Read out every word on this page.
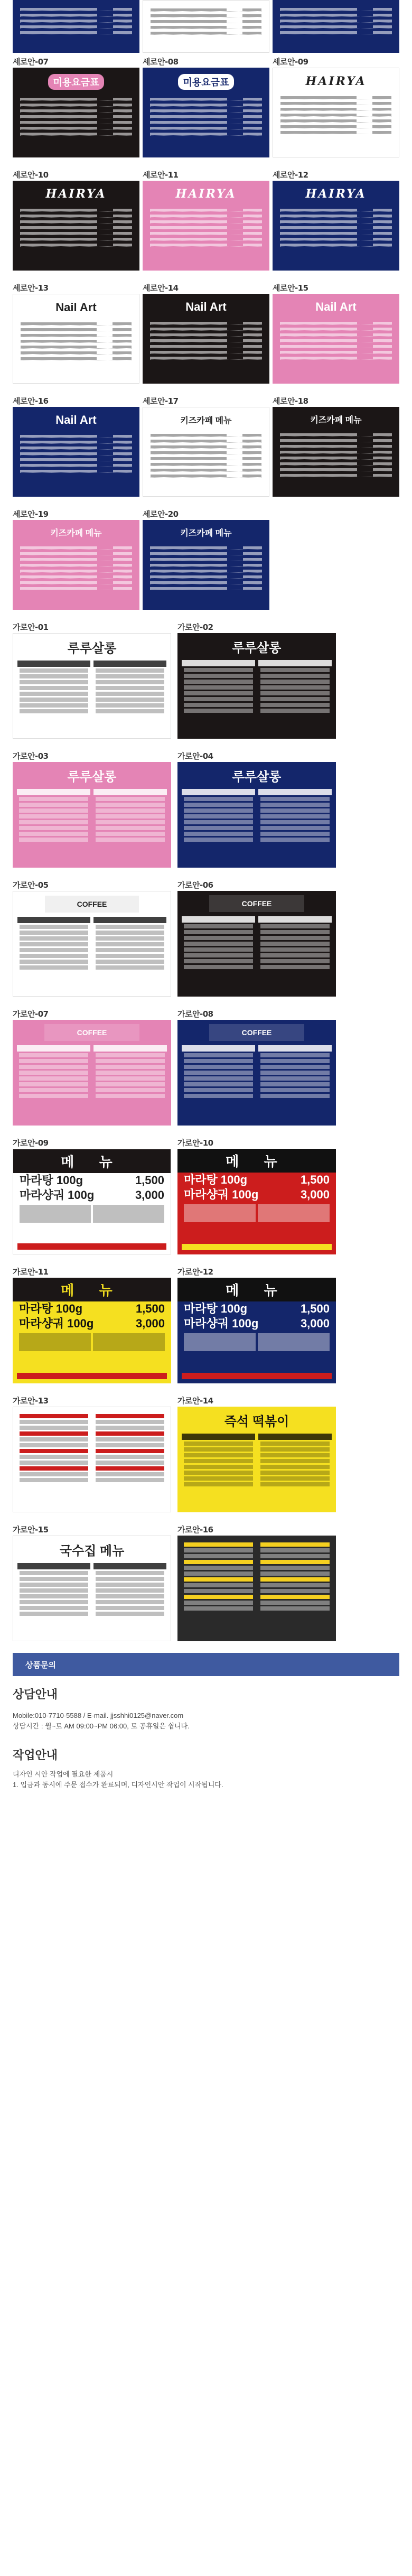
세로안-07
미용요금표
세로안-08
미용요금표
세로안-09
HAIRYA
세로안-10
HAIRYA
세로안-11
HAIRYA
세로안-12
HAIRYA
세로안-13
Nail Art
세로안-14
Nail Art
세로안-15
Nail Art
세로안-16
Nail Art
세로안-17
키즈카페 메뉴
세로안-18
키즈카페 메뉴
세로안-19
키즈카페 메뉴
세로안-20
키즈카페 메뉴
가로안-01
루루살롱
가로안-02
루루살롱
가로안-03
루루살롱
가로안-04
루루살롱
가로안-05
COFFEE
가로안-06
COFFEE
가로안-07
COFFEE
가로안-08
COFFEE
가로안-09
메 뉴
마라탕 100g	1,500
마라샹궈 100g	3,000
가로안-10
메 뉴
마라탕 100g	1,500
마라샹궈 100g	3,000
가로안-11
메 뉴
마라탕 100g	1,500
마라샹궈 100g	3,000
가로안-12
메 뉴
마라탕 100g	1,500
마라샹궈 100g	3,000
가로안-13	가로안-14
즉석 떡볶이
가로안-15
국수집 메뉴
가로안-16
상품문의
상담안내

Mobile:010-7710-5588 / E-mail. jjsshhi0125@naver.com

상담시간 : 월~토 AM 09:00~PM 06:00, 토 공휴일은 쉽니다.

작업안내

디자인 시안 작업에 필요한 제품시

1. 입금과 동시에 주문 접수가 완료되며, 디자인시안 작업이 시작됩니다.
